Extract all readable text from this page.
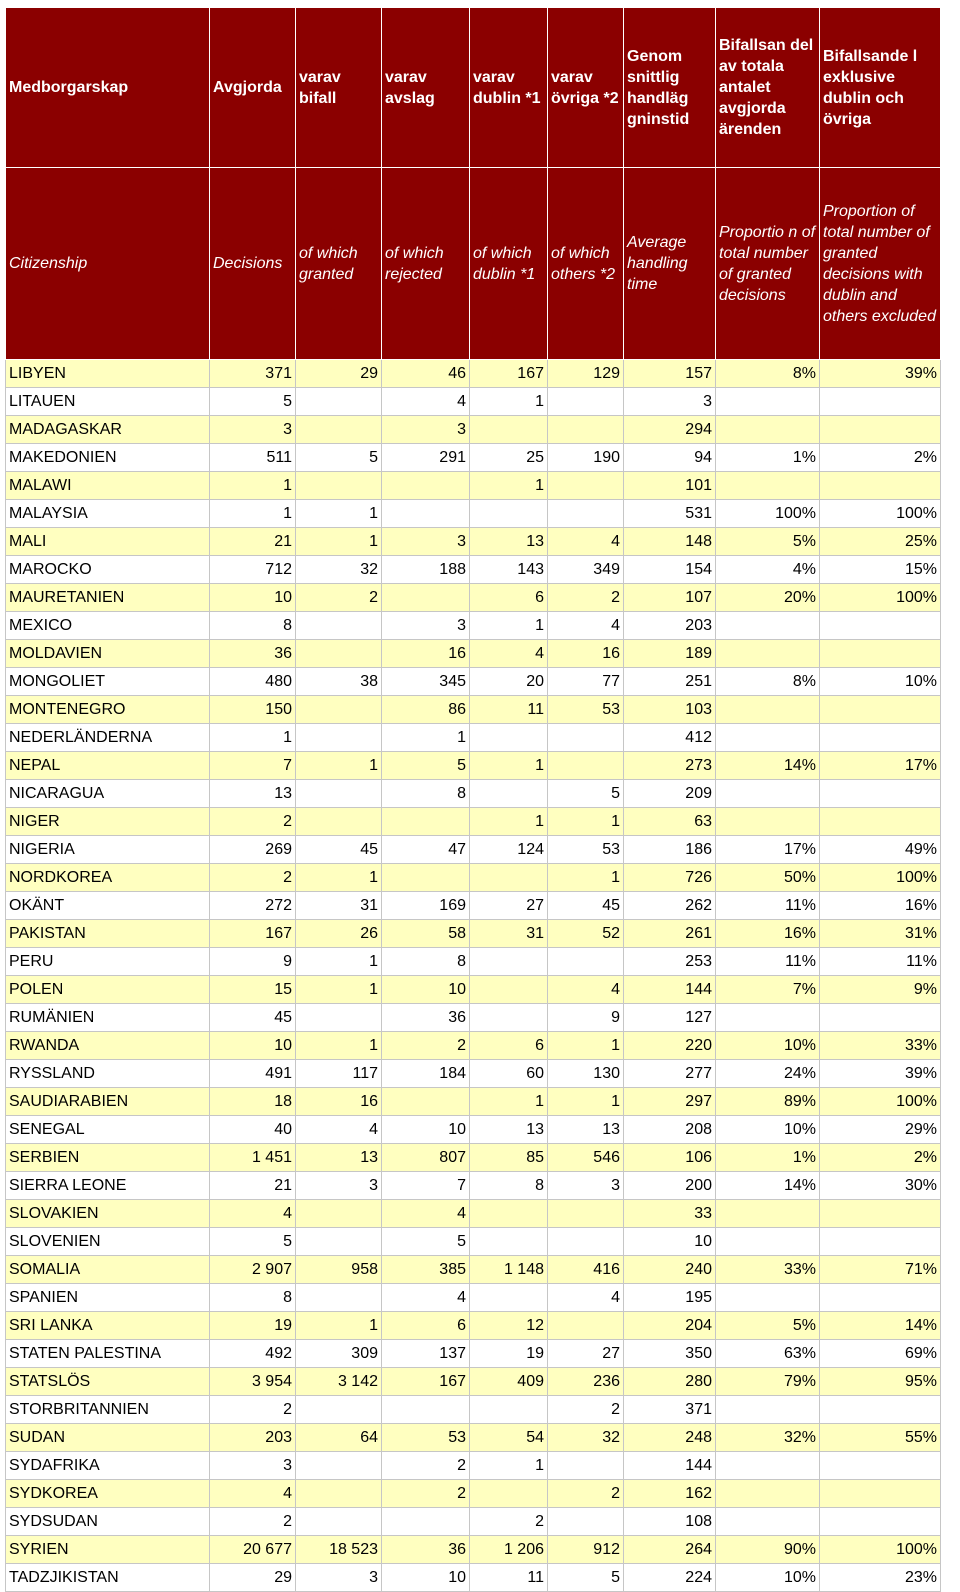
Medborgarskap	Avgjorda	varav bifall	varav avslag	varav dublin *1	varav övriga *2	Genom snittlig handläg gninstid	Bifallsan del av totala antalet avgjorda ärenden	Bifallsande l exklusive dublin och övriga
Citizenship	Decisions	of which granted	of which rejected	of which dublin *1	of which others *2	Average handling time	Proportio n of total number of granted decisions	Proportion of total number of granted decisions with dublin and others excluded
LIBYEN	371	29	46	167	129	157	8%	39%
LITAUEN	5		4	1		3		
MADAGASKAR	3		3			294		
MAKEDONIEN	511	5	291	25	190	94	1%	2%
MALAWI	1			1		101		
MALAYSIA	1	1				531	100%	100%
MALI	21	1	3	13	4	148	5%	25%
MAROCKO	712	32	188	143	349	154	4%	15%
MAURETANIEN	10	2		6	2	107	20%	100%
MEXICO	8		3	1	4	203		
MOLDAVIEN	36		16	4	16	189		
MONGOLIET	480	38	345	20	77	251	8%	10%
MONTENEGRO	150		86	11	53	103		
NEDERLÄNDERNA	1		1			412		
NEPAL	7	1	5	1		273	14%	17%
NICARAGUA	13		8		5	209		
NIGER	2			1	1	63		
NIGERIA	269	45	47	124	53	186	17%	49%
NORDKOREA	2	1			1	726	50%	100%
OKÄNT	272	31	169	27	45	262	11%	16%
PAKISTAN	167	26	58	31	52	261	16%	31%
PERU	9	1	8			253	11%	11%
POLEN	15	1	10		4	144	7%	9%
RUMÄNIEN	45		36		9	127		
RWANDA	10	1	2	6	1	220	10%	33%
RYSSLAND	491	117	184	60	130	277	24%	39%
SAUDIARABIEN	18	16		1	1	297	89%	100%
SENEGAL	40	4	10	13	13	208	10%	29%
SERBIEN	1 451	13	807	85	546	106	1%	2%
SIERRA LEONE	21	3	7	8	3	200	14%	30%
SLOVAKIEN	4		4			33		
SLOVENIEN	5		5			10		
SOMALIA	2 907	958	385	1 148	416	240	33%	71%
SPANIEN	8		4		4	195		
SRI LANKA	19	1	6	12		204	5%	14%
STATEN PALESTINA	492	309	137	19	27	350	63%	69%
STATSLÖS	3 954	3 142	167	409	236	280	79%	95%
STORBRITANNIEN	2				2	371		
SUDAN	203	64	53	54	32	248	32%	55%
SYDAFRIKA	3		2	1		144		
SYDKOREA	4		2		2	162		
SYDSUDAN	2			2		108		
SYRIEN	20 677	18 523	36	1 206	912	264	90%	100%
TADZJIKISTAN	29	3	10	11	5	224	10%	23%
